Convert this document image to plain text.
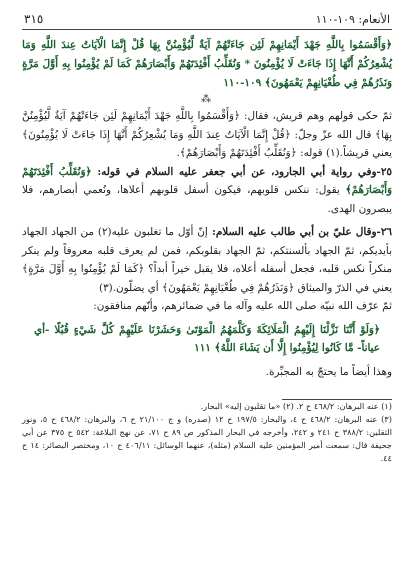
الأنعام: ١٠٩-١١٠
٣١٥
﴿وَأَقْسَمُوا بِاللَّهِ جَهْدَ أَيْمَانِهِمْ لَئِن جَاءَتْهُمْ آيَةٌ لَّيُؤْمِنُنَّ بِهَا قُلْ إِنَّمَا الْآيَاتُ عِندَ اللَّهِ وَمَا يُشْعِرُكُمْ أَنَّهَا إِذَا جَاءَتْ لَا يُؤْمِنُونَ * وَنُقَلِّبُ أَفْئِدَتَهُمْ وَأَبْصَارَهُمْ كَمَا لَمْ يُؤْمِنُوا بِهِ أَوَّلَ مَرَّةٍ وَنَذَرُهُمْ فِي طُغْيَانِهِمْ يَعْمَهُونَ﴾ ١٠٩-١١٠
⁂

ثمّ حكى قولهم وهم قريش، فقال: ﴿وَأَقْسَمُوا بِاللَّهِ جَهْدَ أَيْمَانِهِمْ لَئِن جَاءَتْهُمْ آيَةٌ لَّيُؤْمِنُنَّ بِهَا﴾ قال الله عزّ وجلّ: ﴿قُلْ إِنَّمَا الْآيَاتُ عِندَ اللَّهِ وَمَا يُشْعِرُكُمْ أَنَّهَا إِذَا جَاءَتْ لَا يُؤْمِنُونَ﴾ يعني قريشاً.(١) قوله: ﴿وَنُقَلِّبُ أَفْئِدَتَهُمْ وَأَبْصَارَهُمْ﴾.

٢٥-وفي رواية أبي الجارود، عن أبي جعفر عليه السلام في قوله: ﴿وَنُقَلِّبُ أَفْئِدَتَهُمْ وَأَبْصَارَهُمْ﴾ يقول: ننكس قلوبهم، فيكون أسفل قلوبهم أعلاها، ونُعمي أبصارهم، فلا يبصرون الهدى.

٢٦-وقال عليّ بن أبي طالب عليه السلام: إنّ أوّل ما تغلبون عليه(٢) من الجهاد الجهاد بأيديكم، ثمّ الجهاد بألسنتكم، ثمّ الجهاد بقلوبكم، فمن لم يعرف قلبه معروفاً ولم ينكر منكراً نكس قلبه، فجعل أسفله أعلاه، فلا يقبل خيراً أبداً؟ ﴿كَمَا لَمْ يُؤْمِنُوا بِهِ أَوَّلَ مَرَّةٍ﴾ يعني في الذرّ والميثاق ﴿وَنَذَرُهُمْ فِي طُغْيَانِهِمْ يَعْمَهُونَ﴾ أي يضلّون.(٣)

ثمّ عرّف الله نبيّه صلى الله عليه وآله ما في ضمائرهم، وأنّهم منافقون:

﴿وَلَوْ أَنَّنَا نَزَّلْنَا إِلَيْهِمُ الْمَلَائِكَةَ وَكَلَّمَهُمُ الْمَوْتَىٰ وَحَشَرْنَا عَلَيْهِمْ كُلَّ شَيْءٍ قُبُلًا -أي عياناً- مَّا كَانُوا لِيُؤْمِنُوا إِلَّا أَن يَشَاءَ اللَّهُ﴾ ١١١

وهذا أيضاً ما يحتجّ به المجبِّرة.

(١) عنه البرهان: ٤٦٨/٢ ح ٢. (٢) «ما تقلبون إليه» البحار.

(٣) عنه البرهان: ٤٦٨/٢ ح ٤، والبحار: ١٩٧/٥ ح ١٢ (صدره) و ج ٢١/١٠٠ ح ٦، والبرهان: ٤٦٨/٢ ح ٥، ونور الثقلين: ٣٨٨/٢ ح ٢٤١ و ٢٤٢، وأخرجه في البحار المذكور ص ٨٩ ح ٧١، عن نهج البلاغة: ٥٤٢ ح ٣٧٥ عن أبي جحيفة قال: سمعت أمير المؤمنين عليه السلام (مثله)، عنهما الوسائل: ٤٠٦/١١ ح ١٠، ومختصر البصائر: ١٤ ح ٤٤.
